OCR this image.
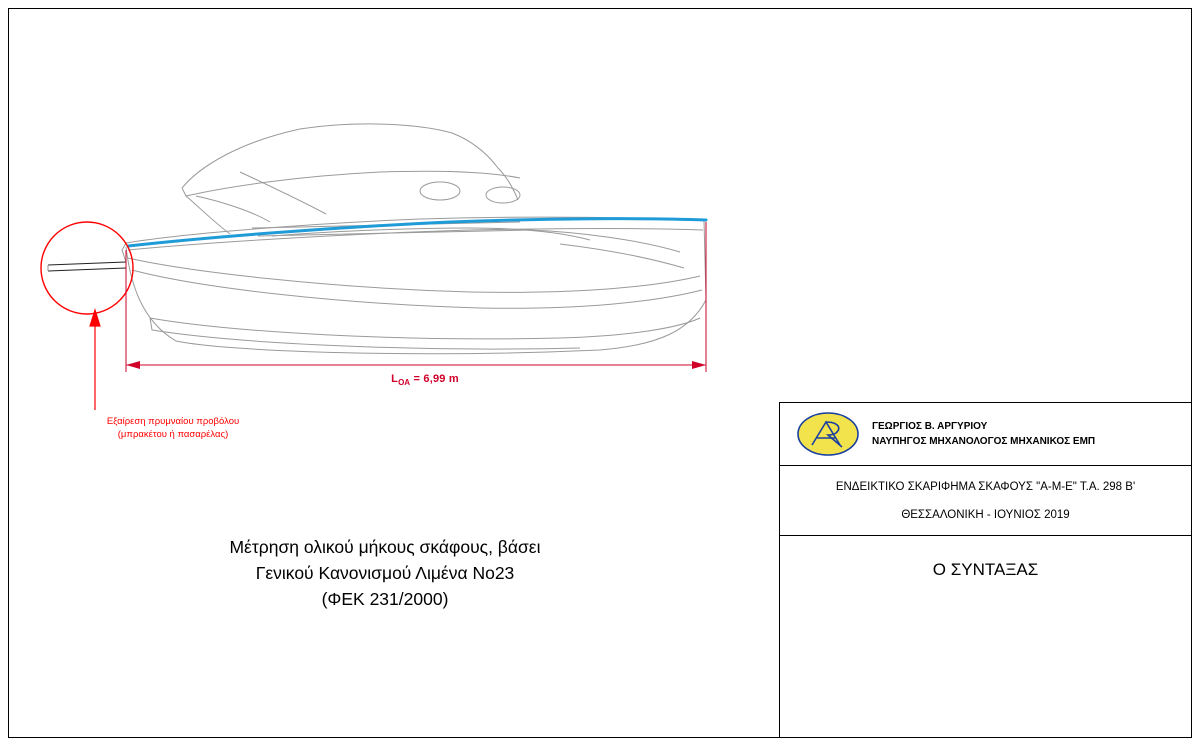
Εξαίρεση πρυμναίου προβόλου
(μπρακέτου ή πασαρέλας)
$L_{OA} = 6,99$ m
Μέτρηση ολικού μήκους σκάφους, βάσει
Γενικού Κανονισμού Λιμένα Νο23
(ΦΕΚ 231/2000)
ΓΕΩΡΓΙΟΣ Β. ΑΡΓΥΡΙΟΥ
ΝΑΥΠΗΓΟΣ ΜΗΧΑΝΟΛΟΓΟΣ ΜΗΧΑΝΙΚΟΣ ΕΜΠ
ΕΝΔΕΙΚΤΙΚΟ ΣΚΑΡΙΦΗΜΑ ΣΚΑΦΟΥΣ "Α-Μ-Ε" Τ.Α. 298 Β'
ΘΕΣΣΑΛΟΝΙΚΗ - ΙΟΥΝΙΟΣ 2019
Ο ΣΥΝΤΑΞΑΣ
